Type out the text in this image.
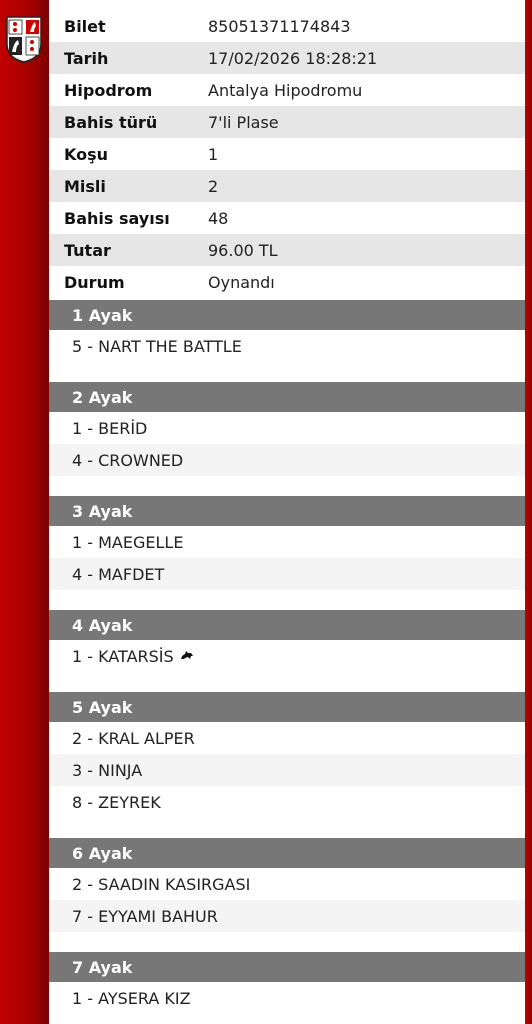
Bilet	85051371174843
Tarih	17/02/2026 18:28:21
Hipodrom	Antalya Hipodromu
Bahis türü	7'li Plase
Koşu	1
Misli	2
Bahis sayısı 48
Tutar	96.00 TL
Durum	Oynandı
1 Ayak
5 - NART THE BATTLE
2 Ayak
1 - BERİD
4 - CROWNED
3 Ayak
1 - MAEGELLE
4 - MAFDET
4 Ayak
1 - KATARSİS
5 Ayak
2 - KRAL ALPER
3 - NINJA
8 - ZEYREK
6 Ayak
2 - SAADIN KASIRGASI
7 - EYYAMI BAHUR
7 Ayak
1 - AYSERA KIZ
